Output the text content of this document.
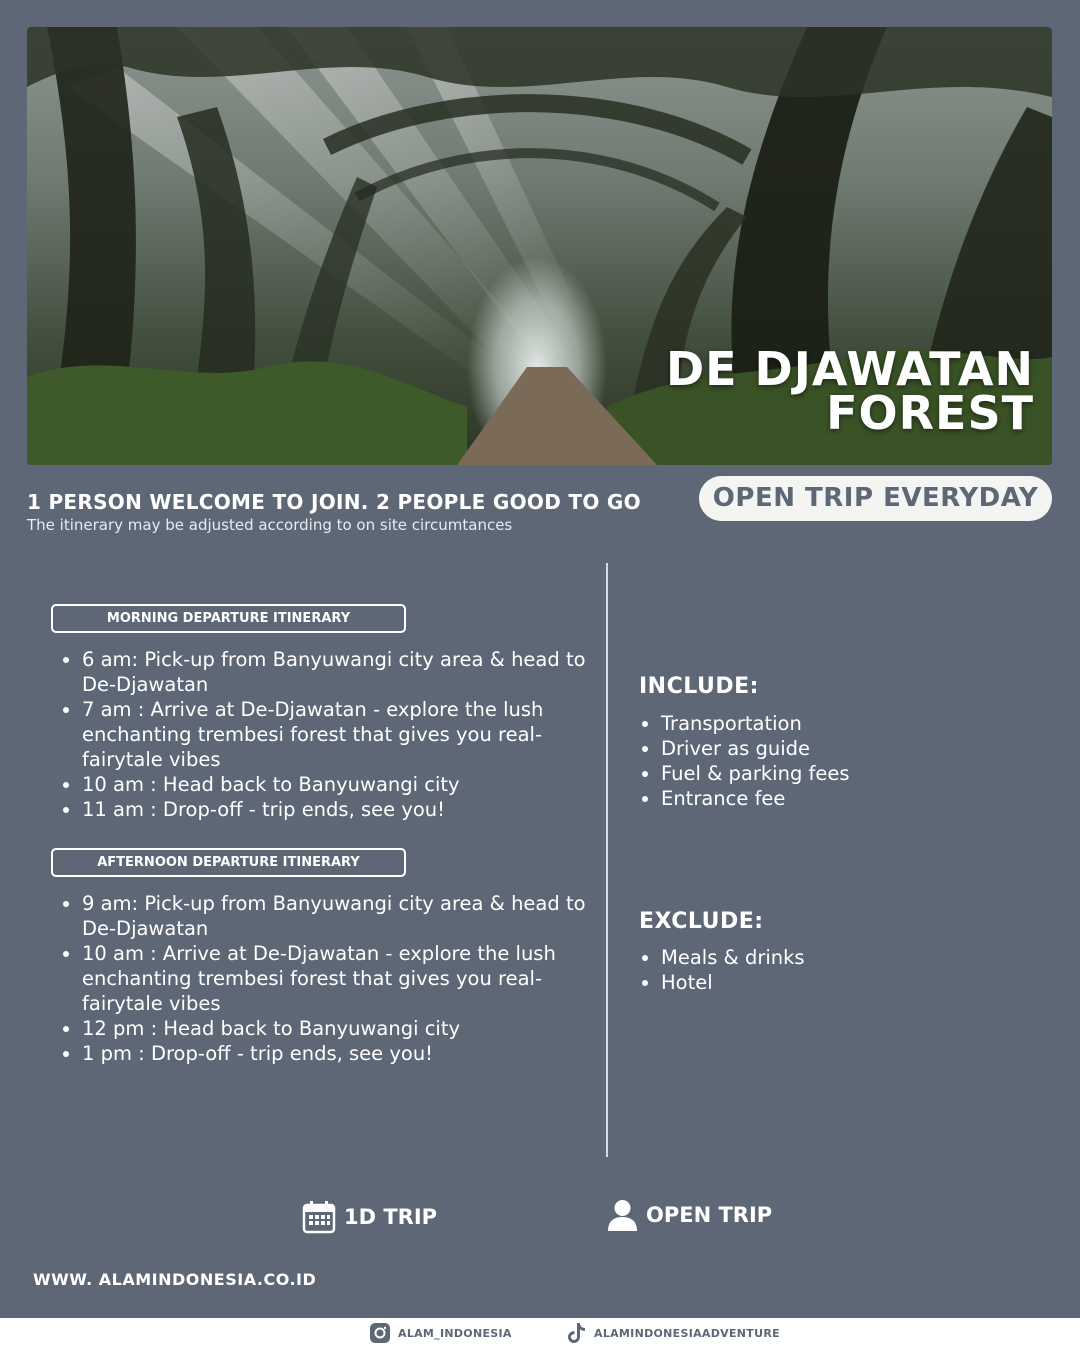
DE DJAWATAN
FOREST
1 PERSON WELCOME TO JOIN. 2 PEOPLE GOOD TO GO
The itinerary may be adjusted according to on site circumtances
OPEN TRIP EVERYDAY
MORNING DEPARTURE ITINERARY
• 6 am: Pick-up from Banyuwangi city area & head to De-Djawatan
• 7 am : Arrive at De-Djawatan - explore the lush enchanting trembesi forest that gives you real-fairytale vibes
• 10 am : Head back to Banyuwangi city
• 11 am : Drop-off - trip ends, see you!
AFTERNOON DEPARTURE ITINERARY
• 9 am: Pick-up from Banyuwangi city area & head to De-Djawatan
• 10 am : Arrive at De-Djawatan - explore the lush enchanting trembesi forest that gives you real-fairytale vibes
• 12 pm : Head back to Banyuwangi city
• 1 pm : Drop-off - trip ends, see you!
INCLUDE:
• Transportation
• Driver as guide
• Fuel & parking fees
• Entrance fee
EXCLUDE:
• Meals & drinks
• Hotel
1D TRIP	OPEN TRIP
WWW. ALAMINDONESIA.CO.ID
ALAM_INDONESIA	ALAMINDONESIAADVENTURE
